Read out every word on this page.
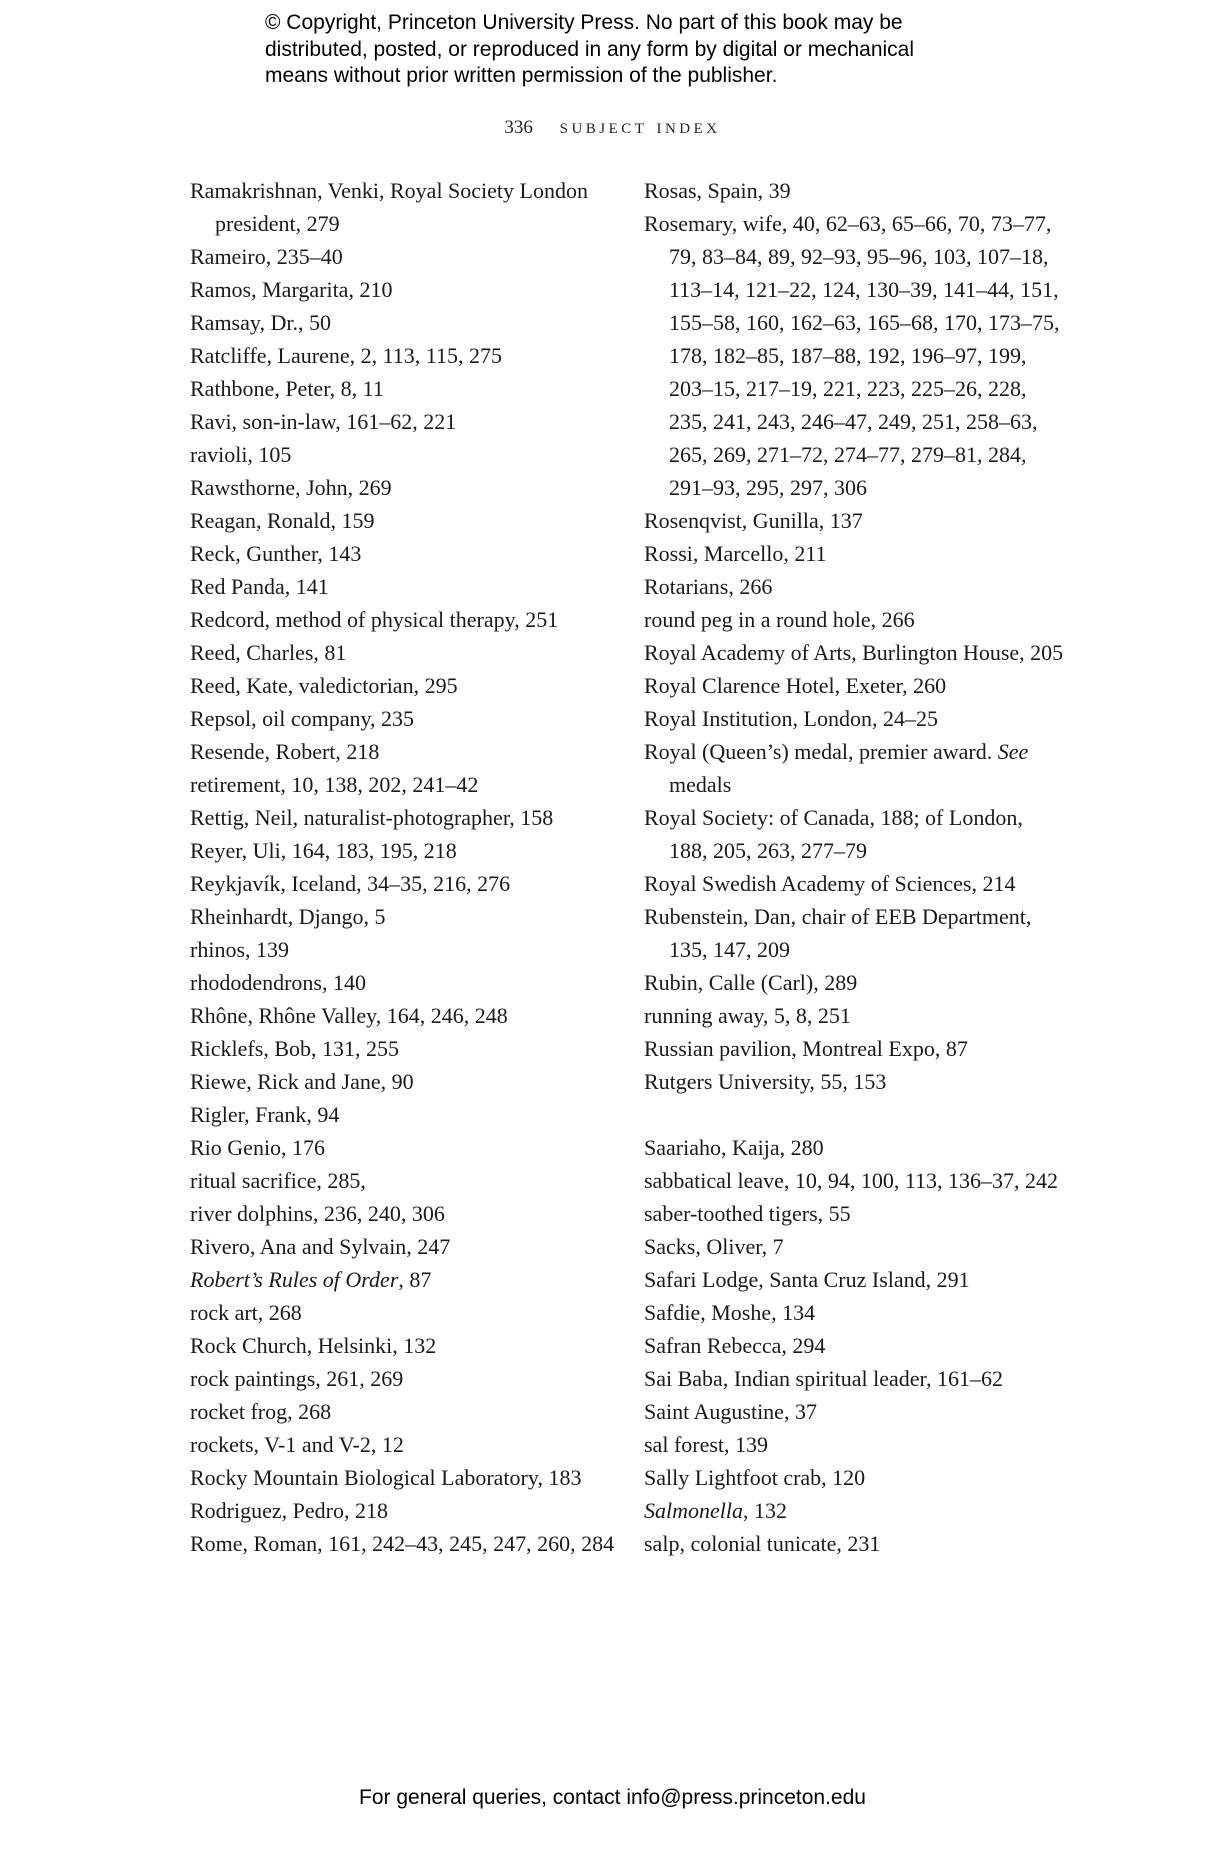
© Copyright, Princeton University Press. No part of this book may be
distributed, posted, or reproduced in any form by digital or mechanical
means without prior written permission of the publisher.
336 subject index

Ramakrishnan, Venki, Royal Society London president, 279

Rameiro, 235–40

Ramos, Margarita, 210

Ramsay, Dr., 50

Ratcliffe, Laurene, 2, 113, 115, 275

Rathbone, Peter, 8, 11

Ravi, son-in-law, 161–62, 221

ravioli, 105

Rawsthorne, John, 269

Reagan, Ronald, 159

Reck, Gunther, 143

Red Panda, 141

Redcord, method of physical therapy, 251

Reed, Charles, 81

Reed, Kate, valedictorian, 295

Repsol, oil company, 235

Resende, Robert, 218

retirement, 10, 138, 202, 241–42

Rettig, Neil, naturalist-photographer, 158

Reyer, Uli, 164, 183, 195, 218

Reykjavík, Iceland, 34–35, 216, 276

Rheinhardt, Django, 5

rhinos, 139

rhododendrons, 140

Rhône, Rhône Valley, 164, 246, 248

Ricklefs, Bob, 131, 255

Riewe, Rick and Jane, 90

Rigler, Frank, 94

Rio Genio, 176

ritual sacrifice, 285,

river dolphins, 236, 240, 306

Rivero, Ana and Sylvain, 247

Robert’s Rules of Order, 87

rock art, 268

Rock Church, Helsinki, 132

rock paintings, 261, 269

rocket frog, 268

rockets, V-1 and V-2, 12

Rocky Mountain Biological Laboratory, 183

Rodriguez, Pedro, 218

Rome, Roman, 161, 242–43, 245, 247, 260, 284

Rosas, Spain, 39

Rosemary, wife, 40, 62–63, 65–66, 70, 73–77, 79, 83–84, 89, 92–93, 95–96, 103, 107–18, 113–14, 121–22, 124, 130–39, 141–44, 151, 155–58, 160, 162–63, 165–68, 170, 173–75, 178, 182–85, 187–88, 192, 196–97, 199, 203–15, 217–19, 221, 223, 225–26, 228, 235, 241, 243, 246–47, 249, 251, 258–63, 265, 269, 271–72, 274–77, 279–81, 284, 291–93, 295, 297, 306

Rosenqvist, Gunilla, 137

Rossi, Marcello, 211

Rotarians, 266

round peg in a round hole, 266

Royal Academy of Arts, Burlington House, 205

Royal Clarence Hotel, Exeter, 260

Royal Institution, London, 24–25

Royal (Queen’s) medal, premier award. See medals

Royal Society: of Canada, 188; of London, 188, 205, 263, 277–79

Royal Swedish Academy of Sciences, 214

Rubenstein, Dan, chair of EEB Department, 135, 147, 209

Rubin, Calle (Carl), 289

running away, 5, 8, 251

Russian pavilion, Montreal Expo, 87

Rutgers University, 55, 153

Saariaho, Kaija, 280

sabbatical leave, 10, 94, 100, 113, 136–37, 242

saber-toothed tigers, 55

Sacks, Oliver, 7

Safari Lodge, Santa Cruz Island, 291

Safdie, Moshe, 134

Safran Rebecca, 294

Sai Baba, Indian spiritual leader, 161–62

Saint Augustine, 37

sal forest, 139

Sally Lightfoot crab, 120

Salmonella, 132

salp, colonial tunicate, 231

For general queries, contact info@press.princeton.edu
